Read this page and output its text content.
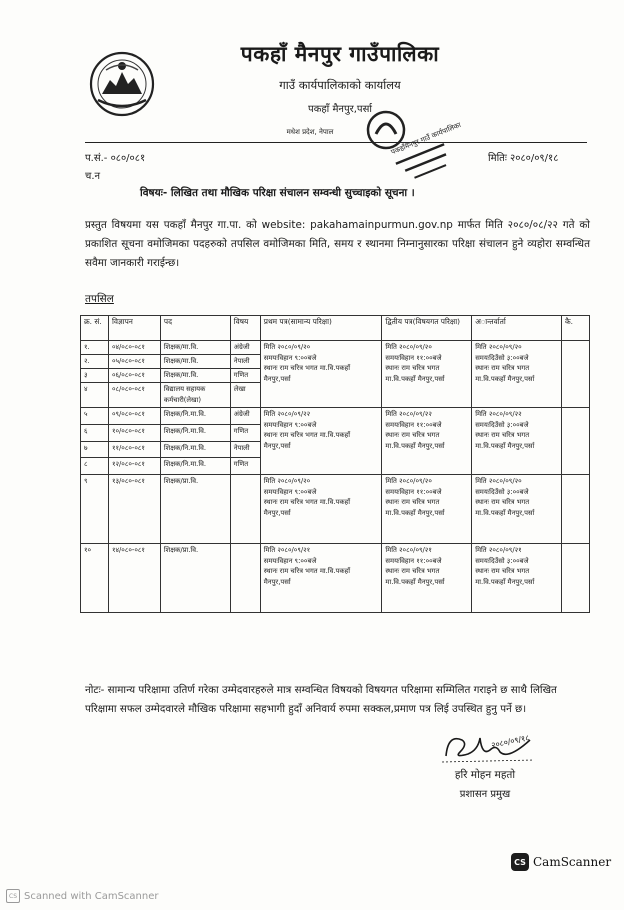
पकहाँ मैनपुर गाउँपालिका
गाउँ कार्यपालिकाको कार्यालय
पकहाँ मैनपुर,पर्सा
मधेश प्रदेश, नेपाल	पकहाँमैनपुर गाउँ कार्यपालिका
प.सं.- ०८०/०८१
च.न
मितिः २०८०/०९/१८
विषयः- लिखित तथा मौखिक परिक्षा संचालन सम्वन्धी सुच्चाइको सूचना ।
प्रस्तुत विषयमा यस पकहाँ मैनपुर गा.पा. को website: pakahamainpurmun.gov.np मार्फत मिति २०८०/०८/२२ गते को प्रकाशित सूचना वमोजिमका पदहरुको तपसिल वमोजिमका मिति, समय र स्थानमा निम्नानुसारका परिक्षा संचालन हुने व्यहोरा सम्वन्धित सवैमा जानकारी गराईन्छ।
तपसिल
क्र. सं.	विज्ञापन	पद	विषय	प्रथम पत्र(सामान्य परिक्षा)	द्वितीय पत्र(विषयगत परिक्षा)	अान्तर्वार्ता	कै.
१.	०४/०८०-०८१	शिक्षक/मा.वि.	अंग्रेजी	मिति २०८०/०९/२०
समयःविहान ९:००बजे
स्थानः राम चरित्र भगत मा.वि.पकहाँ मैनपुर,पर्सा	मिति २०८०/०९/२०
समयःविहान ११:००बजे
स्थानः राम चरित्र भगत मा.वि.पकहाँ मैनपुर,पर्सा	मिति २०८०/०९/२०
समयःदिउँसो ३:००बजे
स्थानः राम चरित्र भगत मा.वि.पकहाँ मैनपुर,पर्सा	
२.	०५/०८०-०८१	शिक्षक/मा.वि.	नेपाली				
३	०६/०८०-०८१	शिक्षक/मा.वि.	गणित				
४	०८/०८०-०८१	विद्यालय सहायक कर्मचारी(लेखा)	लेखा				
५	०९/०८०-०८१	शिक्षक/नि.मा.वि.	अंग्रेजी	मिति २०८०/०९/२२
समयःविहान ९:००बजे
स्थानः राम चरित्र भगत मा.वि.पकहाँ मैनपुर,पर्सा	मिति २०८०/०९/२२
समयःविहान ११:००बजे
स्थानः राम चरित्र भगत मा.वि.पकहाँ मैनपुर,पर्सा	मिति २०८०/०९/२२
समयःदिउँसो ३:००बजे
स्थानः राम चरित्र भगत मा.वि.पकहाँ मैनपुर,पर्सा	
६	१०/०८०-०८१	शिक्षक/नि.मा.वि.	गणित				
७	११/०८०-०८१	शिक्षक/नि.मा.वि.	नेपाली				
८	१२/०८०-०८१	शिक्षक/नि.मा.वि.	गणित				
९	१३/०८०-०८१	शिक्षक/प्रा.वि.		मिति २०८०/०९/२०
समयःविहान ९:००बजे
स्थानः राम चरित्र भगत मा.वि.पकहाँ मैनपुर,पर्सा	मिति २०८०/०९/२०
समयःविहान ११:००बजे
स्थानः राम चरित्र भगत मा.वि.पकहाँ मैनपुर,पर्सा	मिति २०८०/०९/२०
समयःदिउँसो ३:००बजे
स्थानः राम चरित्र भगत मा.वि.पकहाँ मैनपुर,पर्सा	
१०	१४/०८०-०८१	शिक्षक/प्रा.वि.		मिति २०८०/०९/२१
समयःविहान ९:००बजे
स्थानः राम चरित्र भगत मा.वि.पकहाँ मैनपुर,पर्सा	मिति २०८०/०९/२१
समयःविहान ११:००बजे
स्थानः राम चरित्र भगत मा.वि.पकहाँ मैनपुर,पर्सा	मिति २०८०/०९/२१
समयःदिउँसो ३:००बजे
स्थानः राम चरित्र भगत मा.वि.पकहाँ मैनपुर,पर्सा	
नोटः- सामान्य परिक्षामा उतिर्ण गरेका उम्मेदवारहरुले मात्र सम्वन्धित विषयको विषयगत परिक्षामा सम्मिलित गराइने छ साथै लिखित परिक्षामा सफल उम्मेदवारले मौखिक परिक्षामा सहभागी हुदाँ अनिवार्य रुपमा सक्कल,प्रमाण पत्र लिई उपस्थित हुनु पर्ने छ।
२०८०/०९/१८
हरि मोहन महतो
प्रशासन प्रमुख
CS CamScanner
CS Scanned with CamScanner
